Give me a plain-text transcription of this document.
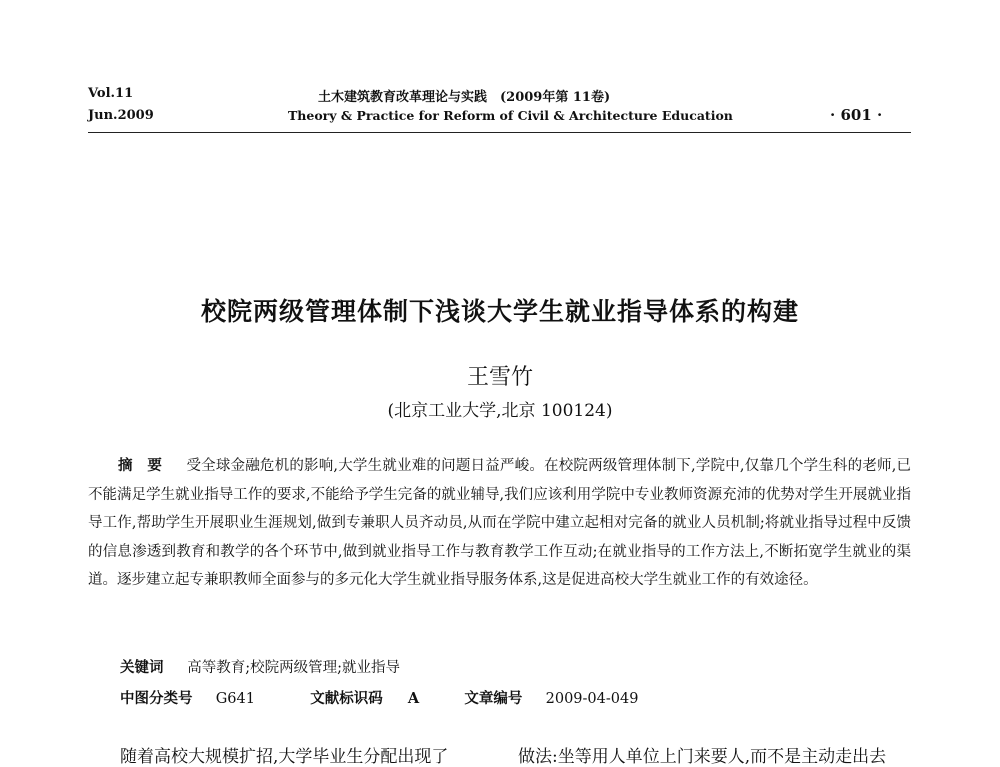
Vol.11
Jun.2009
土木建筑教育改革理论与实践　(2009年第 11卷)
Theory & Practice for Reform of Civil & Architecture Education	· 601 ·
校院两级管理体制下浅谈大学生就业指导体系的构建
王雪竹
(北京工业大学,北京 100124)
摘　要 　 受全球金融危机的影响,大学生就业难的问题日益严峻。在校院两级管理体制下,学院中,仅靠几个学生科的老师,已不能满足学生就业指导工作的要求,不能给予学生完备的就业辅导,我们应该利用学院中专业教师资源充沛的优势对学生开展就业指导工作,帮助学生开展职业生涯规划,做到专兼职人员齐动员,从而在学院中建立起相对完备的就业人员机制;将就业指导过程中反馈的信息渗透到教育和教学的各个环节中,做到就业指导工作与教育教学工作互动;在就业指导的工作方法上,不断拓宽学生就业的渠道。逐步建立起专兼职教师全面参与的多元化大学生就业指导服务体系,这是促进高校大学生就业工作的有效途径。
关键词 　 高等教育;校院两级管理;就业指导
中图分类号 G641	文献标识码 A	文章编号 2009-04-049
随着高校大规模扩招,大学毕业生分配出现了	做法:坐等用人单位上门来要人,而不是主动走出去
